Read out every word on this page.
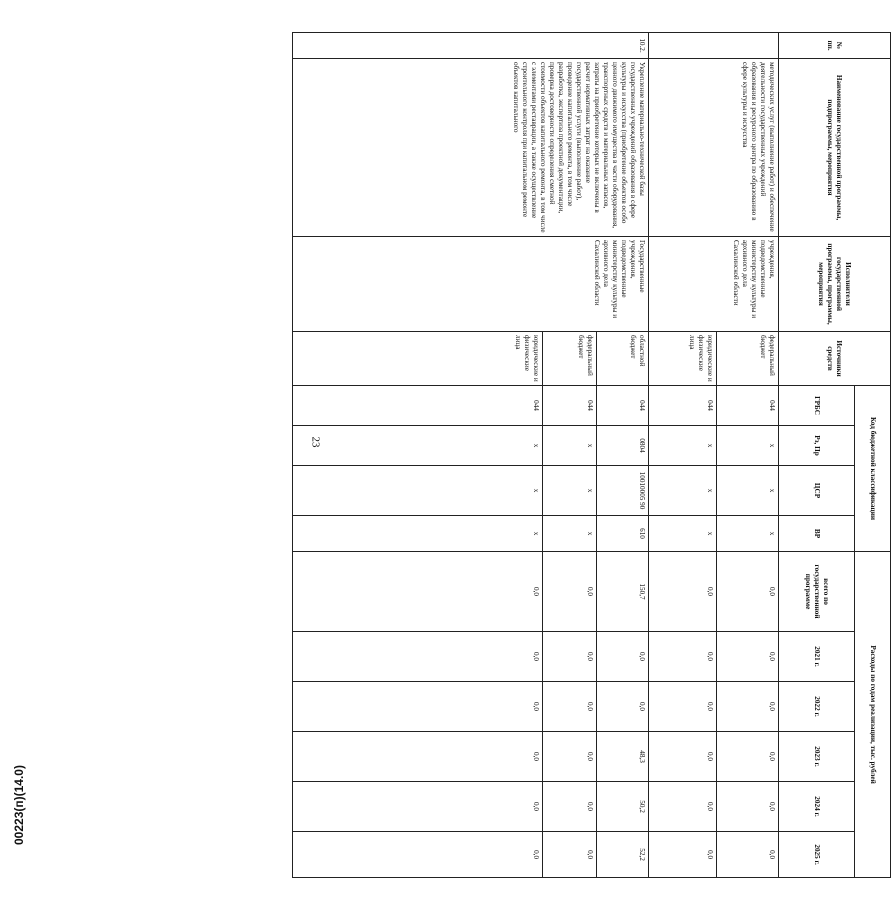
23
00223(п)(14.0)
№ пп.	Наименование государственной программы, подпрограммы, мероприятия	Исполнители государственной программы, программы, мероприятия	Источники средств	Код бюджетной классификации				Расходы по годам реализации, тыс. рублей					
				ГРБС	Рз, Пр	ЦСР	ВР	всего по государственной программе	2021 г.	2022 г.	2023 г.	2024 г.	2025 г.
	методических услуг (выполнение работ) и обеспечение деятельности государственных учреждений образования и ресурсного центра по образованию в сфере культуры и искусства	учреждения, подведомственные министерству культуры и архивного дела Сахалинской области	федеральный бюджет	044	х	х	х	0,0	0,0	0,0	0,0	0,0	0,0
			юридические и физические лица	044	х	х	х	0,0	0,0	0,0	0,0	0,0	0,0
10.2.	Укрепление материально-технической базы государственных учреждений образования в сфере культуры и искусства (приобретение объектов особо ценного движимого имущества в части оборудования, транспортных средств и материальных запасов, затраты на приобретение которых не включены в расчет нормативных затрат на оказание государственной услуги (выполнение работ), проведение капитального ремонта, в том числе разработка, экспертиза проектной документации, проверка достоверности определения сметной стоимости объектов капитального ремонта, в том числе с элементами реставрации, а также осуществление строительного контроля при капитальном ремонте объектов капитального	Государственные учреждения, подведомственные министерству культуры и архивного дела Сахалинской области	областной бюджет	044	0804	10010005 90	610	150,7	0,0	0,0	48,3	50,2	52,2
			федеральный бюджет	044	х	х	х	0,0	0,0	0,0	0,0	0,0	0,0
			юридические и физические лица	044	х	х	х	0,0	0,0	0,0	0,0	0,0	0,0
